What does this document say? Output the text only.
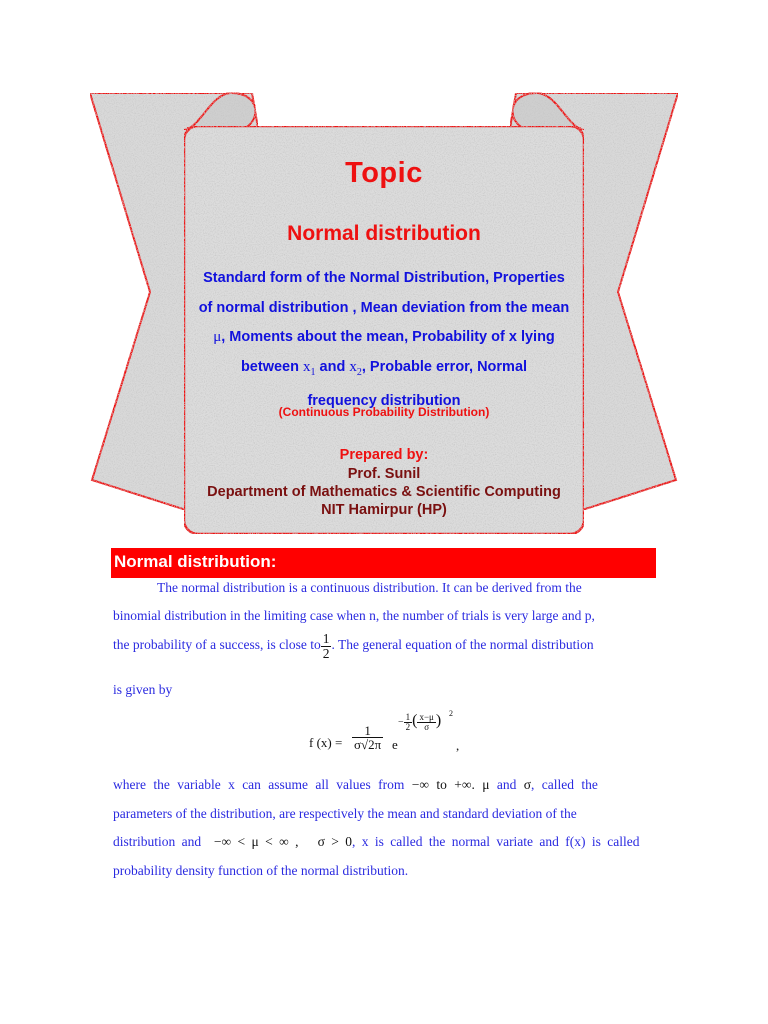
Topic
Normal distribution
Standard form of the Normal Distribution, Properties
of normal distribution , Mean deviation from the mean
μ, Moments about the mean, Probability of x lying
between $x_1$ and $x_2$, Probable error, Normal
frequency distribution
(Continuous Probability Distribution)
Prepared by:
Prof. Sunil
Department of Mathematics & Scientific Computing
NIT Hamirpur (HP)
Normal distribution:
The normal distribution is a continuous distribution. It can be derived from the
binomial distribution in the limiting case when n, the number of trials is very large and p,
the probability of a success, is close to $\frac{1}{2}$ . The general equation of the normal distribution
is given by
f $(x) = \frac{1}{\sigma√2\pi}$ e
− $\frac{1}{2}$ ( $\frac{x-\mu}{\sigma}$ ) 2
,
where the variable x can assume all values from −∞ to +∞. μ and σ, called the
parameters of the distribution, are respectively the mean and standard deviation of the
distribution and −∞ < μ < ∞ , σ > 0, x is called the normal variate and f(x) is called
probability density function of the normal distribution.
